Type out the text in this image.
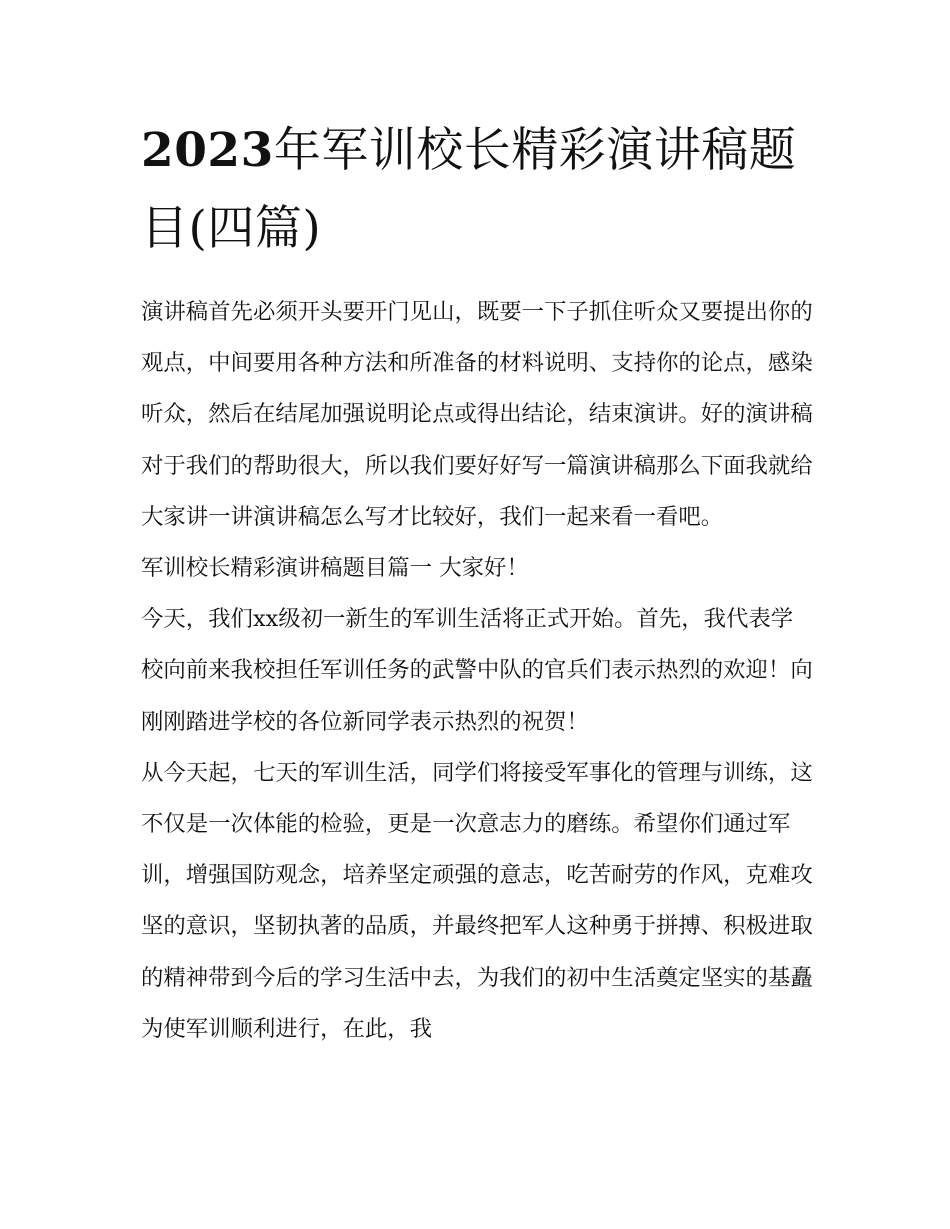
2023年军训校长精彩演讲稿题目(四篇)

演讲稿首先必须开头要开门见山，既要一下子抓住听众又要提出你的观点，中间要用各种方法和所准备的材料说明、支持你的论点，感染听众，然后在结尾加强说明论点或得出结论，结束演讲。好的演讲稿对于我们的帮助很大，所以我们要好好写一篇演讲稿那么下面我就给大家讲一讲演讲稿怎么写才比较好，我们一起来看一看吧。

军训校长精彩演讲稿题目篇一 大家好！

今天，我们xx级初一新生的军训生活将正式开始。首先，我代表学校向前来我校担任军训任务的武警中队的官兵们表示热烈的欢迎！向刚刚踏进学校的各位新同学表示热烈的祝贺！

从今天起，七天的军训生活，同学们将接受军事化的管理与训练，这不仅是一次体能的检验，更是一次意志力的磨练。希望你们通过军训，增强国防观念，培养坚定顽强的意志，吃苦耐劳的作风，克难攻坚的意识，坚韧执著的品质，并最终把军人这种勇于拼搏、积极进取的精神带到今后的学习生活中去，为我们的初中生活奠定坚实的基矗为使军训顺利进行，在此，我
